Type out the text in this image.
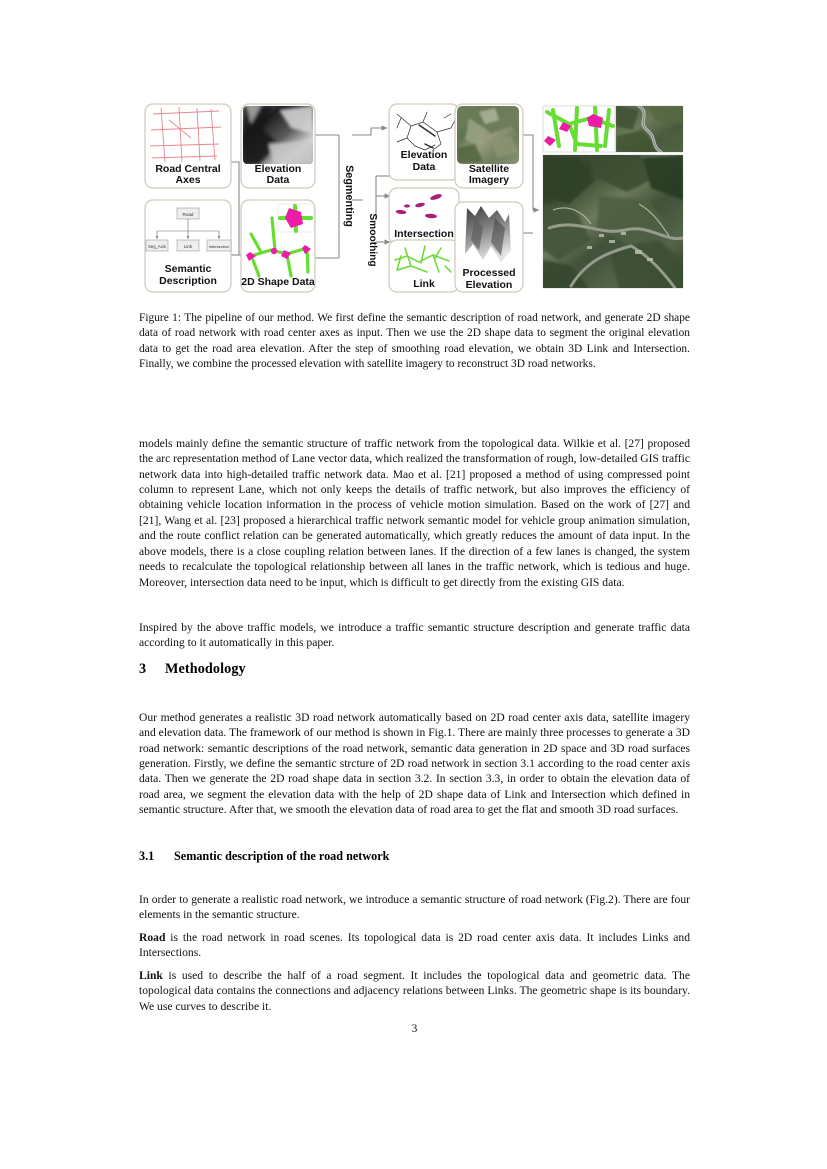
Road Central
Axes
Road
Seg_Axis	Link	Intersection
Semantic
Description
Elevation
Data
2D Shape Data
Segmenting
Smoothing
Elevation
Data
Intersection
Link
Satellite
Imagery
Processed
Elevation
Figure 1: The pipeline of our method. We first define the semantic description of road network, and generate 2D shape data of road network with road center axes as input. Then we use the 2D shape data to segment the original elevation data to get the road area elevation. After the step of smoothing road elevation, we obtain 3D Link and Intersection. Finally, we combine the processed elevation with satellite imagery to reconstruct 3D road networks.

models mainly define the semantic structure of traffic network from the topological data. Wilkie et al. [27] proposed the arc representation method of Lane vector data, which realized the transformation of rough, low-detailed GIS traffic network data into high-detailed traffic network data. Mao et al. [21] proposed a method of using compressed point column to represent Lane, which not only keeps the details of traffic network, but also improves the efficiency of obtaining vehicle location information in the process of vehicle motion simulation. Based on the work of [27] and [21], Wang et al. [23] proposed a hierarchical traffic network semantic model for vehicle group animation simulation, and the route conflict relation can be generated automatically, which greatly reduces the amount of data input. In the above models, there is a close coupling relation between lanes. If the direction of a few lanes is changed, the system needs to recalculate the topological relationship between all lanes in the traffic network, which is tedious and huge. Moreover, intersection data need to be input, which is difficult to get directly from the existing GIS data.

Inspired by the above traffic models, we introduce a traffic semantic structure description and generate traffic data according to it automatically in this paper.

3 Methodology

Our method generates a realistic 3D road network automatically based on 2D road center axis data, satellite imagery and elevation data. The framework of our method is shown in Fig.1. There are mainly three processes to generate a 3D road network: semantic descriptions of the road network, semantic data generation in 2D space and 3D road surfaces generation. Firstly, we define the semantic strcture of 2D road network in section 3.1 according to the road center axis data. Then we generate the 2D road shape data in section 3.2. In section 3.3, in order to obtain the elevation data of road area, we segment the elevation data with the help of 2D shape data of Link and Intersection which defined in semantic structure. After that, we smooth the elevation data of road area to get the flat and smooth 3D road surfaces.

3.1 Semantic description of the road network

In order to generate a realistic road network, we introduce a semantic structure of road network (Fig.2). There are four elements in the semantic structure.

Road is the road network in road scenes. Its topological data is 2D road center axis data. It includes Links and Intersections.

Link is used to describe the half of a road segment. It includes the topological data and geometric data. The topological data contains the connections and adjacency relations between Links. The geometric shape is its boundary. We use curves to describe it.

3
